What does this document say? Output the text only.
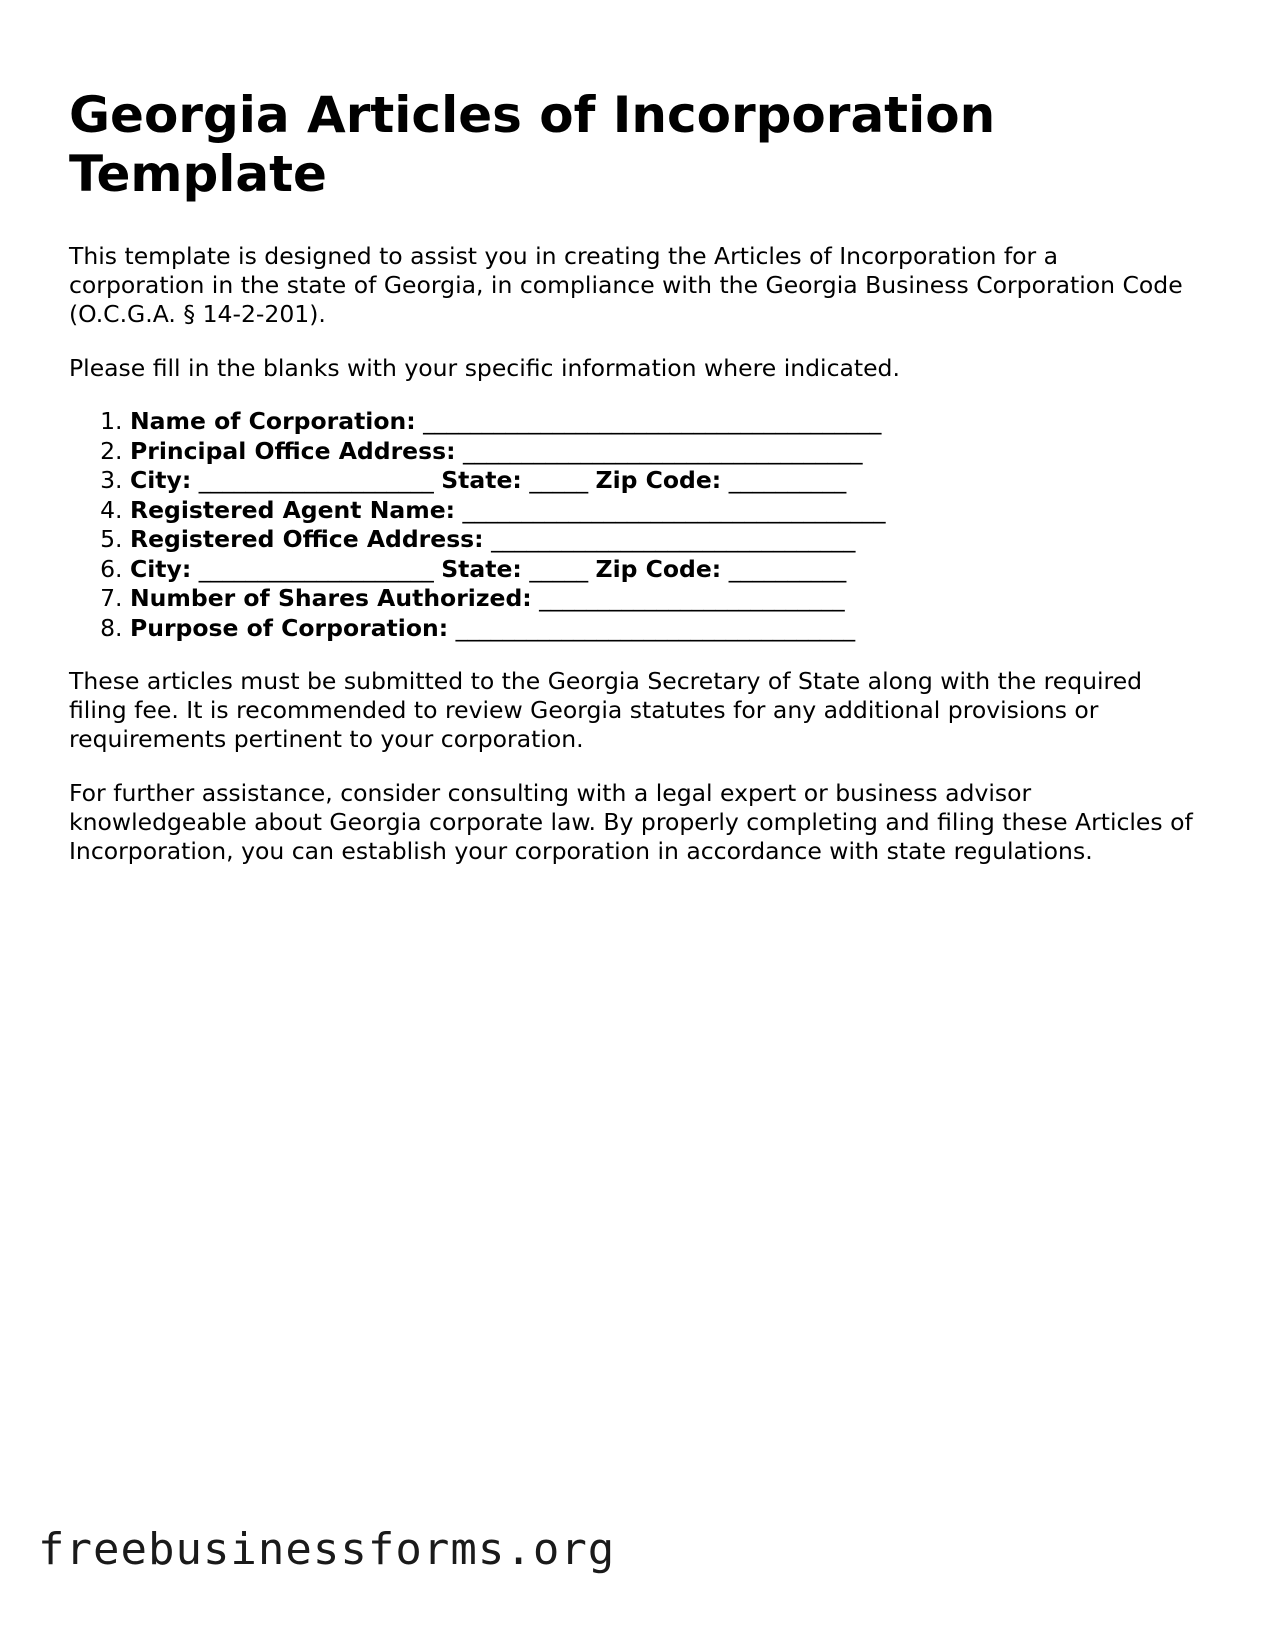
Georgia Articles of Incorporation Template

This template is designed to assist you in creating the Articles of Incorporation for a corporation in the state of Georgia, in compliance with the Georgia Business Corporation Code (O.C.G.A. § 14-2-201).

Please fill in the blanks with your specific information where indicated.

1. Name of Corporation: _______________________________________
2. Principal Office Address: __________________________________
3. City: ____________________ State: _____ Zip Code: __________
4. Registered Agent Name: ____________________________________
5. Registered Office Address: _______________________________
6. City: ____________________ State: _____ Zip Code: __________
7. Number of Shares Authorized: __________________________
8. Purpose of Corporation: __________________________________

These articles must be submitted to the Georgia Secretary of State along with the required filing fee. It is recommended to review Georgia statutes for any additional provisions or requirements pertinent to your corporation.

For further assistance, consider consulting with a legal expert or business advisor knowledgeable about Georgia corporate law. By properly completing and filing these Articles of Incorporation, you can establish your corporation in accordance with state regulations.

freebusinessforms.org
